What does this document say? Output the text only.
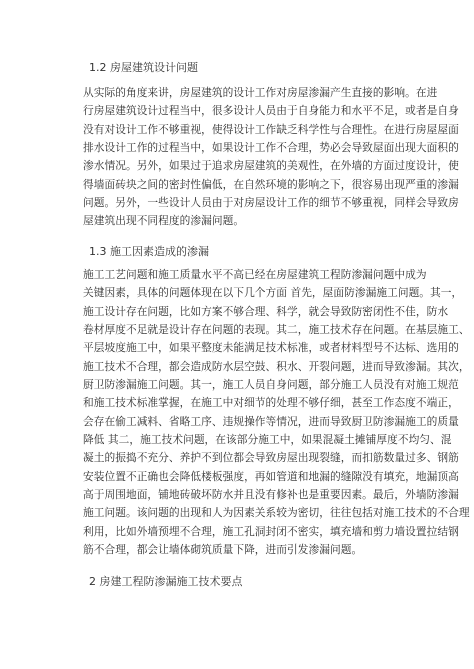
1.2 房屋建筑设计问题
从实际的角度来讲，房屋建筑的设计工作对房屋渗漏产生直接的影响。在进
行房屋建筑设计过程当中，很多设计人员由于自身能力和水平不足，或者是自身
没有对设计工作不够重视，使得设计工作缺乏科学性与合理性。在进行房屋屋面
排水设计工作的过程当中，如果设计工作不合理，势必会导致屋面出现大面积的
渗水情况。另外，如果过于追求房屋建筑的美观性，在外墙的方面过度设计，使
得墙面砖块之间的密封性偏低，在自然环境的影响之下，很容易出现严重的渗漏
问题。另外，一些设计人员由于对房屋设计工作的细节不够重视，同样会导致房
屋建筑出现不同程度的渗漏问题。
1.3 施工因素造成的渗漏
施工工艺问题和施工质量水平不高已经在房屋建筑工程防渗漏问题中成为
关键因素，具体的问题体现在以下几个方面 首先，屋面防渗漏施工问题。其一，
施工设计存在问题，比如方案不够合理、科学，就会导致防密闭性不佳，防水
卷材厚度不足就是设计存在问题的表现。其二，施工技术存在问题。在基层施工、
平层坡度施工中，如果平整度未能满足技术标准，或者材料型号不达标、选用的
施工技术不合理，都会造成防水层空鼓、积水、开裂问题，进而导致渗漏。其次，
厨卫防渗漏施工问题。其一，施工人员自身问题，部分施工人员没有对施工规范
和施工技术标准掌握，在施工中对细节的处理不够仔细，甚至工作态度不端正，
会存在偷工减料、省略工序、违规操作等情况，进而导致厨卫防渗漏施工的质量
降低 其二，施工技术问题，在该部分施工中，如果混凝土摊铺厚度不均匀、混
凝土的振捣不充分、养护不到位都会导致房屋出现裂缝，而扣筋数量过多、钢筋
安装位置不正确也会降低楼板强度，再如管道和地漏的缝隙没有填充，地漏顶高
高于周围地面，铺地砖破坏防水并且没有修补也是重要因素。最后，外墙防渗漏
施工问题。该问题的出现和人为因素关系较为密切，往往包括对施工技术的不合理
利用，比如外墙预埋不合理，施工孔洞封闭不密实，填充墙和剪力墙设置拉结钢
筋不合理，都会让墙体砌筑质量下降，进而引发渗漏问题。
2 房建工程防渗漏施工技术要点
